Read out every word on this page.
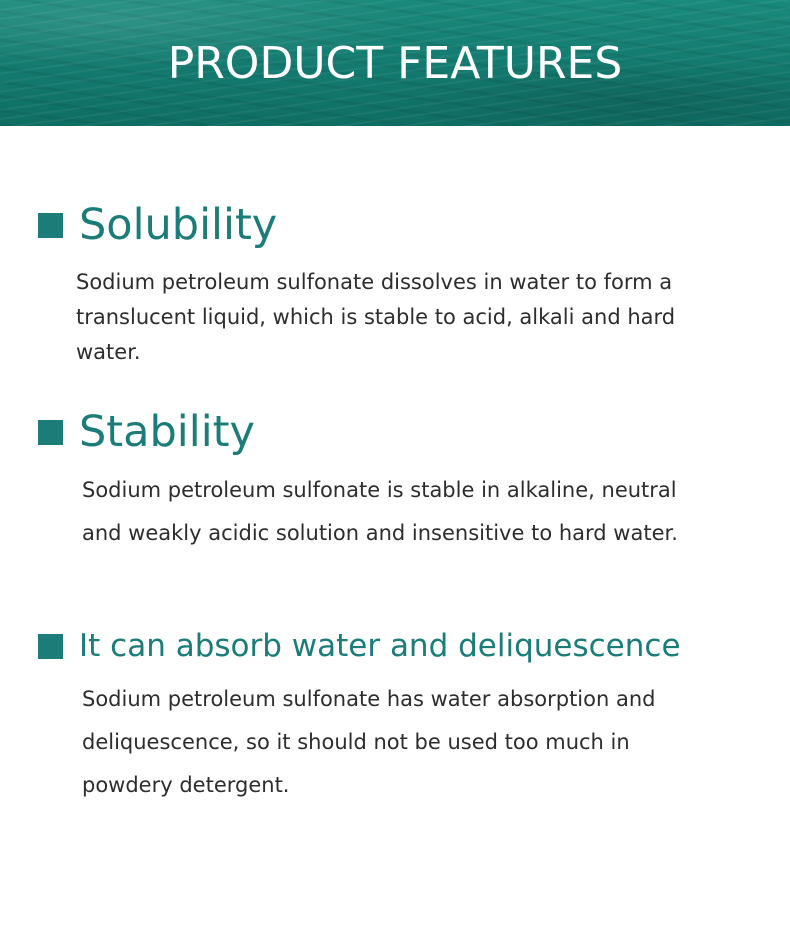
PRODUCT FEATURES
Solubility
Sodium petroleum sulfonate dissolves in water to form a
translucent liquid, which is stable to acid, alkali and hard
water.
Stability
Sodium petroleum sulfonate is stable in alkaline, neutral
and weakly acidic solution and insensitive to hard water.
It can absorb water and deliquescence
Sodium petroleum sulfonate has water absorption and
deliquescence, so it should not be used too much in
powdery detergent.
